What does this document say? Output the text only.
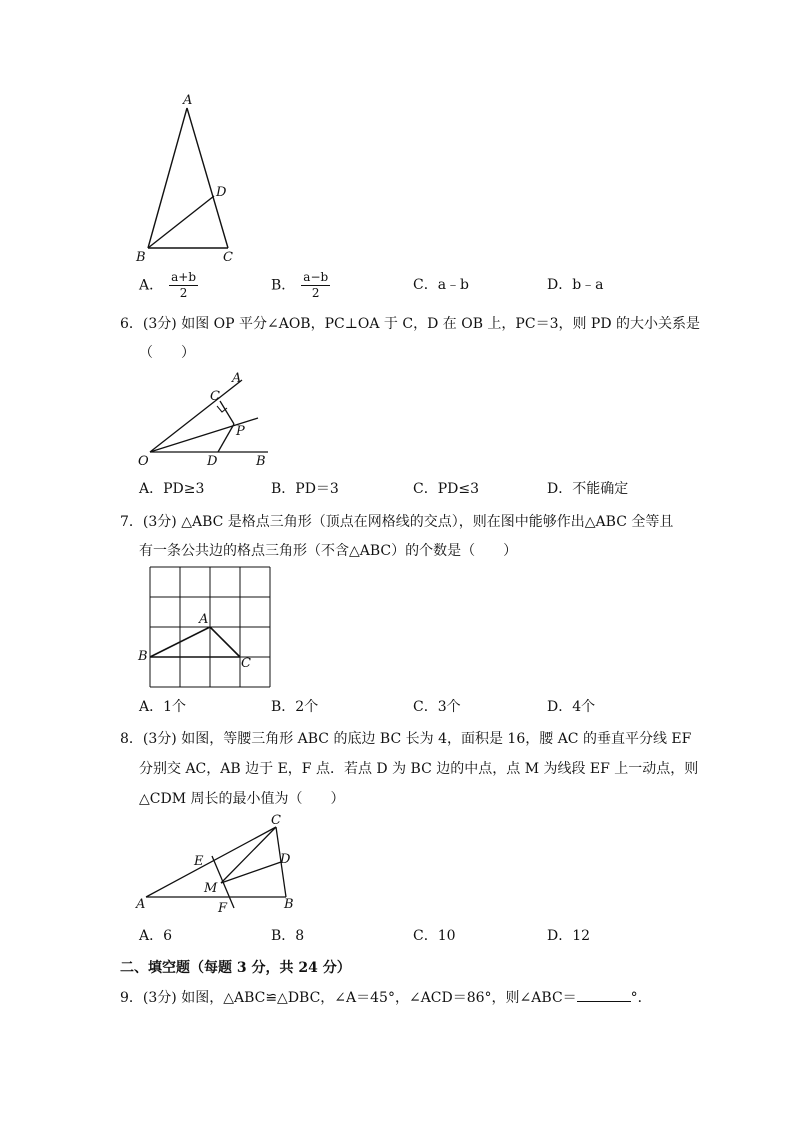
A
D
B	C
A． $\frac{a+b}{2}$	B． $\frac{a-b}{2}$	C．a﹣b	D．b﹣a
6．(3分) 如图 OP 平分∠AOB，PC⊥OA 于 C，D 在 OB 上，PC＝3，则 PD 的大小关系是
（　　）
A
C
P
O	D	B
A．PD≥3	B．PD＝3	C．PD≤3	D．不能确定
7．(3分) △ABC 是格点三角形（顶点在网格线的交点），则在图中能够作出△ABC 全等且
有一条公共边的格点三角形（不含△ABC）的个数是（　　）
A
B	C
A．1个	B．2个	C．3个	D．4个
8．(3分) 如图，等腰三角形 ABC 的底边 BC 长为 4，面积是 16，腰 AC 的垂直平分线 EF
分别交 AC，AB 边于 E，F 点．若点 D 为 BC 边的中点，点 M 为线段 EF 上一动点，则
△CDM 周长的最小值为（　　）
C
E	D
M
A	F	B
A．6	B．8	C．10	D．12
二、填空题（每题 3 分，共 24 分）
9．(3分) 如图，△ABC≌△DBC，∠A＝45°，∠ACD＝86°，则∠ABC＝	°．
